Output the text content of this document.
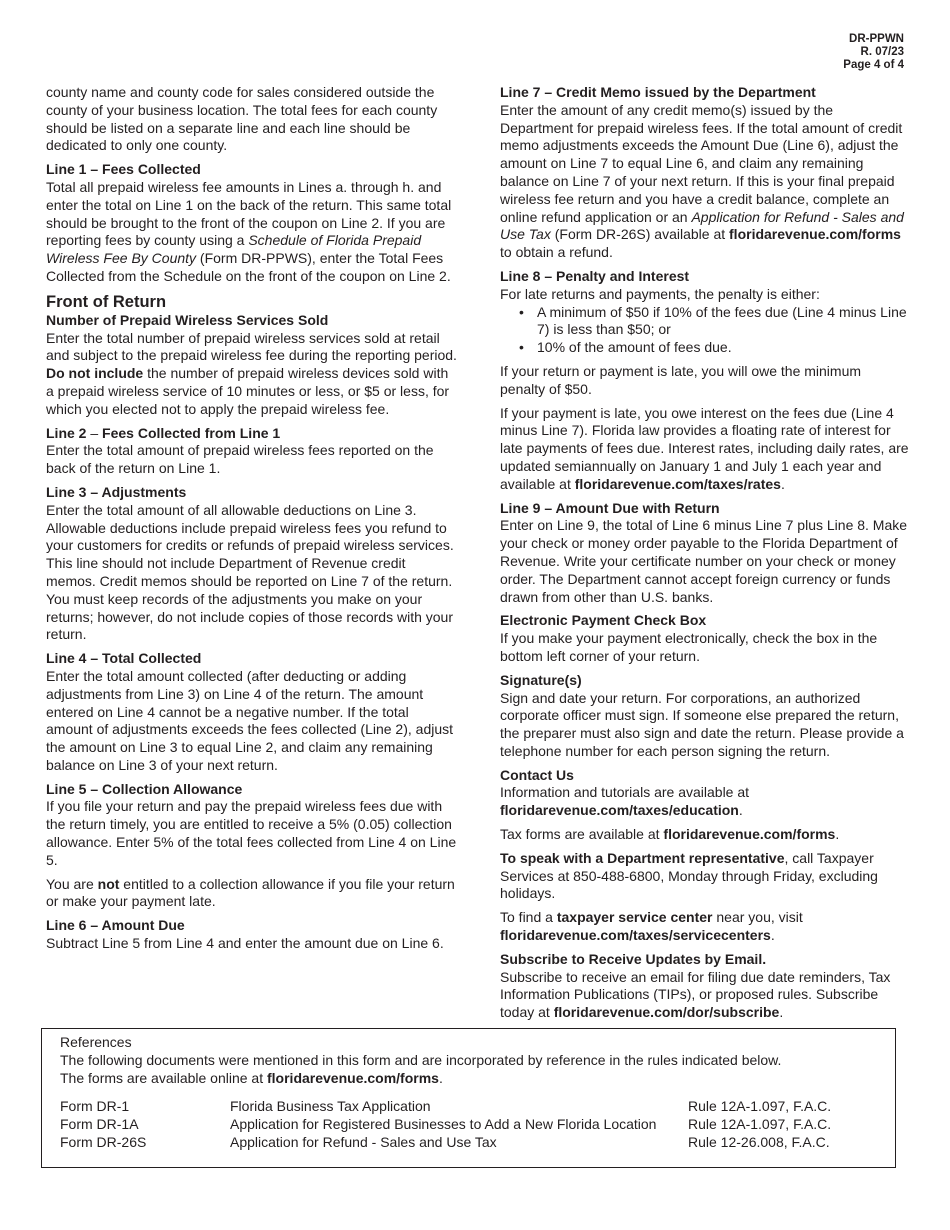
DR-PPWN
R. 07/23
Page 4 of 4

county name and county code for sales considered outside the county of your business location. The total fees for each county should be listed on a separate line and each line should be dedicated to only one county.

Line 1 – Fees Collected

Total all prepaid wireless fee amounts in Lines a. through h. and enter the total on Line 1 on the back of the return. This same total should be brought to the front of the coupon on Line 2. If you are reporting fees by county using a Schedule of Florida Prepaid Wireless Fee By County (Form DR-PPWS), enter the Total Fees Collected from the Schedule on the front of the coupon on Line 2.

Front of Return

Number of Prepaid Wireless Services Sold

Enter the total number of prepaid wireless services sold at retail and subject to the prepaid wireless fee during the reporting period. Do not include the number of prepaid wireless devices sold with a prepaid wireless service of 10 minutes or less, or $5 or less, for which you elected not to apply the prepaid wireless fee.

Line 2 – Fees Collected from Line 1

Enter the total amount of prepaid wireless fees reported on the back of the return on Line 1.

Line 3 – Adjustments

Enter the total amount of all allowable deductions on Line 3. Allowable deductions include prepaid wireless fees you refund to your customers for credits or refunds of prepaid wireless services. This line should not include Department of Revenue credit memos. Credit memos should be reported on Line 7 of the return. You must keep records of the adjustments you make on your returns; however, do not include copies of those records with your return.

Line 4 – Total Collected

Enter the total amount collected (after deducting or adding adjustments from Line 3) on Line 4 of the return. The amount entered on Line 4 cannot be a negative number. If the total amount of adjustments exceeds the fees collected (Line 2), adjust the amount on Line 3 to equal Line 2, and claim any remaining balance on Line 3 of your next return.

Line 5 – Collection Allowance

If you file your return and pay the prepaid wireless fees due with the return timely, you are entitled to receive a 5% (0.05) collection allowance. Enter 5% of the total fees collected from Line 4 on Line 5.

You are not entitled to a collection allowance if you file your return or make your payment late.

Line 6 – Amount Due

Subtract Line 5 from Line 4 and enter the amount due on Line 6.

Line 7 – Credit Memo issued by the Department

Enter the amount of any credit memo(s) issued by the Department for prepaid wireless fees. If the total amount of credit memo adjustments exceeds the Amount Due (Line 6), adjust the amount on Line 7 to equal Line 6, and claim any remaining balance on Line 7 of your next return. If this is your final prepaid wireless fee return and you have a credit balance, complete an online refund application or an Application for Refund - Sales and Use Tax (Form DR-26S) available at floridarevenue.com/forms to obtain a refund.

Line 8 – Penalty and Interest

For late returns and payments, the penalty is either:

• A minimum of $50 if 10% of the fees due (Line 4 minus Line 7) is less than $50; or
• 10% of the amount of fees due.

If your return or payment is late, you will owe the minimum penalty of $50.

If your payment is late, you owe interest on the fees due (Line 4 minus Line 7). Florida law provides a floating rate of interest for late payments of fees due. Interest rates, including daily rates, are updated semiannually on January 1 and July 1 each year and available at floridarevenue.com/taxes/rates.

Line 9 – Amount Due with Return

Enter on Line 9, the total of Line 6 minus Line 7 plus Line 8. Make your check or money order payable to the Florida Department of Revenue. Write your certificate number on your check or money order. The Department cannot accept foreign currency or funds drawn from other than U.S. banks.

Electronic Payment Check Box

If you make your payment electronically, check the box in the bottom left corner of your return.

Signature(s)

Sign and date your return. For corporations, an authorized corporate officer must sign. If someone else prepared the return, the preparer must also sign and date the return. Please provide a telephone number for each person signing the return.

Contact Us

Information and tutorials are available at
floridarevenue.com/taxes/education.

Tax forms are available at floridarevenue.com/forms.

To speak with a Department representative, call Taxpayer Services at 850-488-6800, Monday through Friday, excluding holidays.

To find a taxpayer service center near you, visit
floridarevenue.com/taxes/servicecenters.

Subscribe to Receive Updates by Email.

Subscribe to receive an email for filing due date reminders, Tax Information Publications (TIPs), or proposed rules. Subscribe today at floridarevenue.com/dor/subscribe.

References

The following documents were mentioned in this form and are incorporated by reference in the rules indicated below.

The forms are available online at floridarevenue.com/forms.

Form DR-1	Florida Business Tax Application	Rule 12A-1.097, F.A.C.
Form DR-1A	Application for Registered Businesses to Add a New Florida Location Rule 12A-1.097, F.A.C.
Form DR-26S	Application for Refund - Sales and Use Tax	Rule 12-26.008, F.A.C.
